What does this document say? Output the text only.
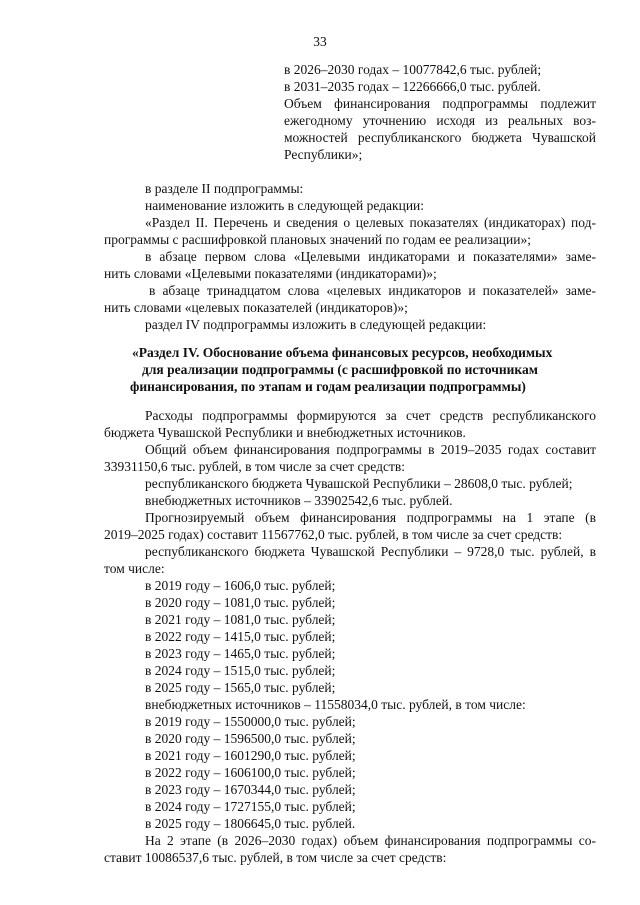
33
в 2026–2030 годах – 10077842,6 тыс. рублей;
в 2031–2035 годах – 12266666,0 тыс. рублей.
Объем финансирования подпрограммы подлежит
ежегодному уточнению исходя из реальных воз-
можностей республиканского бюджета Чувашской
Республики»;
в разделе II подпрограммы:
наименование изложить в следующей редакции:
«Раздел II. Перечень и сведения о целевых показателях (индикаторах) под-
программы с расшифровкой плановых значений по годам ее реализации»;
в абзаце первом слова «Целевыми индикаторами и показателями» заме-
нить словами «Целевыми показателями (индикаторами)»;
в абзаце тринадцатом слова «целевых индикаторов и показателей» заме-
нить словами «целевых показателей (индикаторов)»;
раздел IV подпрограммы изложить в следующей редакции:
«Раздел IV. Обоснование объема финансовых ресурсов, необходимых
для реализации подпрограммы (с расшифровкой по источникам
финансирования, по этапам и годам реализации подпрограммы)
Расходы подпрограммы формируются за счет средств республиканского
бюджета Чувашской Республики и внебюджетных источников.
Общий объем финансирования подпрограммы в 2019–2035 годах составит
33931150,6 тыс. рублей, в том числе за счет средств:
республиканского бюджета Чувашской Республики – 28608,0 тыс. рублей;
внебюджетных источников – 33902542,6 тыс. рублей.
Прогнозируемый объем финансирования подпрограммы на 1 этапе (в
2019–2025 годах) составит 11567762,0 тыс. рублей, в том числе за счет средств:
республиканского бюджета Чувашской Республики – 9728,0 тыс. рублей, в
том числе:
в 2019 году – 1606,0 тыс. рублей;
в 2020 году – 1081,0 тыс. рублей;
в 2021 году – 1081,0 тыс. рублей;
в 2022 году – 1415,0 тыс. рублей;
в 2023 году – 1465,0 тыс. рублей;
в 2024 году – 1515,0 тыс. рублей;
в 2025 году – 1565,0 тыс. рублей;
внебюджетных источников – 11558034,0 тыс. рублей, в том числе:
в 2019 году – 1550000,0 тыс. рублей;
в 2020 году – 1596500,0 тыс. рублей;
в 2021 году – 1601290,0 тыс. рублей;
в 2022 году – 1606100,0 тыс. рублей;
в 2023 году – 1670344,0 тыс. рублей;
в 2024 году – 1727155,0 тыс. рублей;
в 2025 году – 1806645,0 тыс. рублей.
На 2 этапе (в 2026–2030 годах) объем финансирования подпрограммы со-
ставит 10086537,6 тыс. рублей, в том числе за счет средств:
